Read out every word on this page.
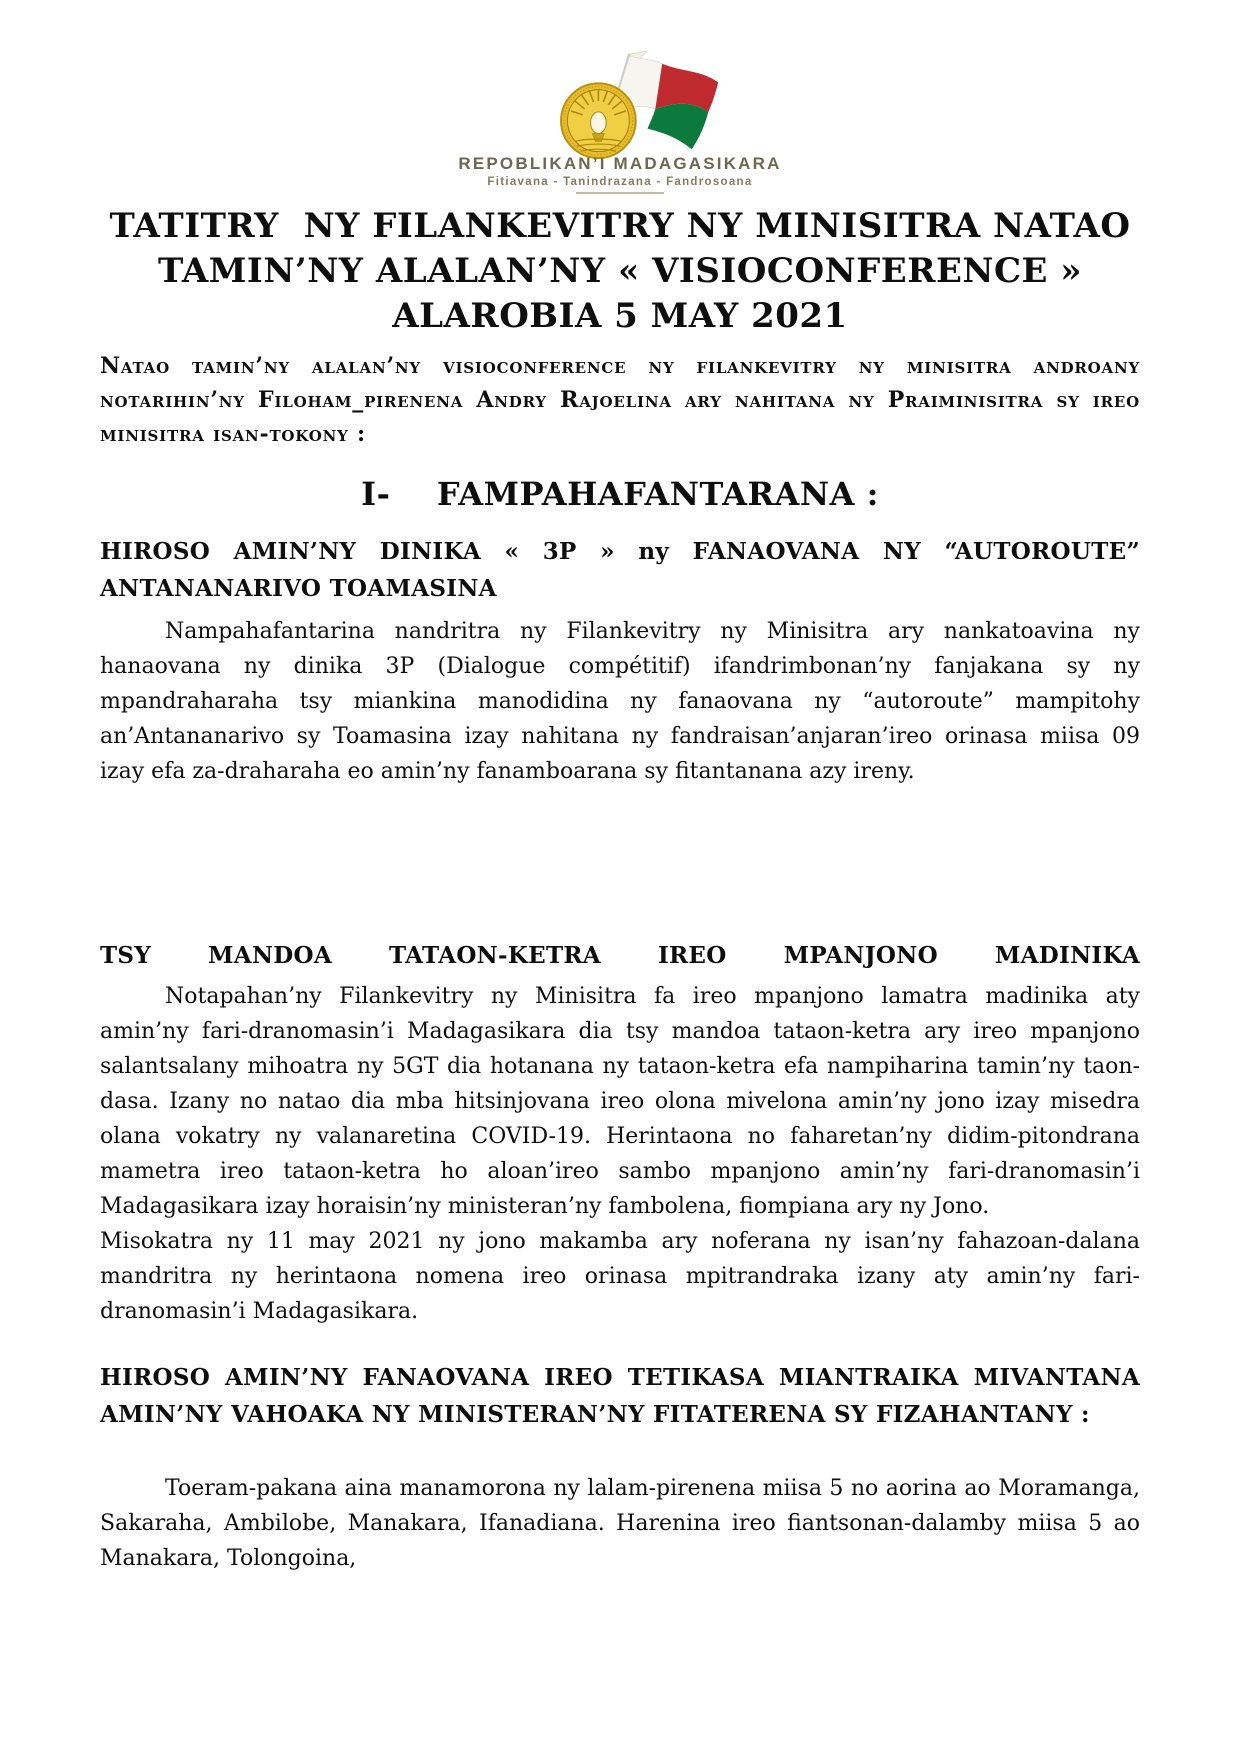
REPOBLIKAN’I MADAGASIKARA
Fitiavana - Tanindrazana - Fandrosoana
TATITRY  NY FILANKEVITRY NY MINISITRA NATAO
TAMIN’NY ALALAN’NY « VISIOCONFERENCE »
ALAROBIA 5 MAY 2021

Natao tamin’ny alalan’ny visioconference ny filankevitry ny minisitra androany notarihin’ny Filoham_pirenena Andry Rajoelina ary nahitana ny Praiminisitra sy ireo minisitra isan-tokony :

I-    FAMPAHAFANTARANA :
HIROSO AMIN’NY DINIKA « 3P » ny FANAOVANA NY “AUTOROUTE” ANTANANARIVO TOAMASINA

Nampahafantarina nandritra ny Filankevitry ny Minisitra ary nankatoavina ny hanaovana ny dinika 3P (Dialogue compétitif) ifandrimbonan’ny fanjakana sy ny mpandraharaha tsy miankina manodidina ny fanaovana ny “autoroute” mampitohy an’Antananarivo sy Toamasina izay nahitana ny fandraisan’anjaran’ireo orinasa miisa 09 izay efa za-draharaha eo amin’ny fanamboarana sy fitantanana azy ireny.

TSY MANDOA TATAON-KETRA IREO MPANJONO MADINIKA

Notapahan’ny Filankevitry ny Minisitra fa ireo mpanjono lamatra madinika aty amin’ny fari-dranomasin’i Madagasikara dia tsy mandoa tataon-ketra ary ireo mpanjono salantsalany mihoatra ny 5GT dia hotanana ny tataon-ketra efa nampiharina tamin’ny taon-dasa. Izany no natao dia mba hitsinjovana ireo olona mivelona amin’ny jono izay misedra olana vokatry ny valanaretina COVID-19. Herintaona no faharetan’ny didim-pitondrana mametra ireo tataon-ketra ho aloan’ireo sambo mpanjono amin’ny fari-dranomasin’i Madagasikara izay horaisin’ny ministeran’ny fambolena, fiompiana ary ny Jono.

Misokatra ny 11 may 2021 ny jono makamba ary noferana ny isan’ny fahazoan-dalana mandritra ny herintaona nomena ireo orinasa mpitrandraka izany aty amin’ny fari-dranomasin’i Madagasikara.

HIROSO AMIN’NY FANAOVANA IREO TETIKASA MIANTRAIKA MIVANTANA AMIN’NY VAHOAKA NY MINISTERAN’NY FITATERENA SY FIZAHANTANY :

Toeram-pakana aina manamorona ny lalam-pirenena miisa 5 no aorina ao Moramanga, Sakaraha, Ambilobe, Manakara, Ifanadiana. Harenina ireo fiantsonan-dalamby miisa 5 ao Manakara, Tolongoina,
